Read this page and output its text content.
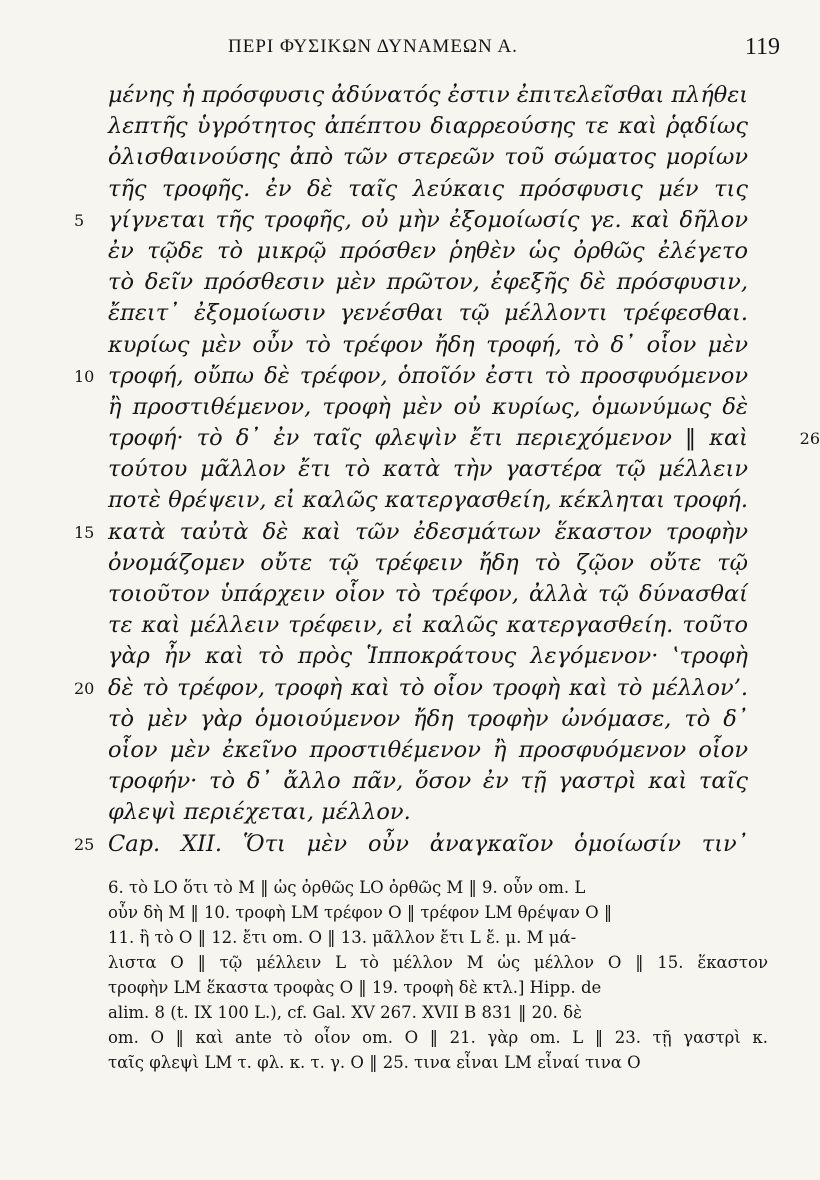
ΠΕΡΙ ΦΥΣΙΚΩΝ ΔΥΝΑΜΕΩΝ Α.	119
μένης ἡ πρόσφυσις ἀδύνατός ἐστιν ἐπιτελεῖσθαι πλήθει
λεπτῆς ὑγρότητος ἀπέπτου διαρρεούσης τε καὶ ῥᾳδίως
ὀλισθαινούσης ἀπὸ τῶν στερεῶν τοῦ σώματος μορίων
τῆς τροφῆς. ἐν δὲ ταῖς λεύκαις πρόσφυσις μέν τις
5 γίγνεται τῆς τροφῆς, οὐ μὴν ἐξομοίωσίς γε. καὶ δῆλον
ἐν τῷδε τὸ μικρῷ πρόσθεν ῥηθὲν ὡς ὀρθῶς ἐλέγετο
τὸ δεῖν πρόσθεσιν μὲν πρῶτον, ἐφεξῆς δὲ πρόσφυσιν,
ἔπειτ᾽ ἐξομοίωσιν γενέσθαι τῷ μέλλοντι τρέφεσθαι.
κυρίως μὲν οὖν τὸ τρέφον ἤδη τροφή, τὸ δ᾽ οἷον μὲν
10 τροφή, οὔπω δὲ τρέφον, ὁποῖόν ἐστι τὸ προσφυόμενον
ἢ προστιθέμενον, τροφὴ μὲν οὐ κυρίως, ὁμωνύμως δὲ
τροφή· τὸ δ᾽ ἐν ταῖς φλεψὶν ἔτι περιεχόμενον ‖ καὶ	26
τούτου μᾶλλον ἔτι τὸ κατὰ τὴν γαστέρα τῷ μέλλειν
ποτὲ θρέψειν, εἰ καλῶς κατεργασθείη, κέκληται τροφή.
15 κατὰ ταὐτὰ δὲ καὶ τῶν ἐδεσμάτων ἕκαστον τροφὴν
ὀνομάζομεν οὔτε τῷ τρέφειν ἤδη τὸ ζῷον οὔτε τῷ
τοιοῦτον ὑπάρχειν οἷον τὸ τρέφον, ἀλλὰ τῷ δύνασθαί
τε καὶ μέλλειν τρέφειν, εἰ καλῶς κατεργασθείη. τοῦτο
γὰρ ἦν καὶ τὸ πρὸς Ἱπποκράτους λεγόμενον· ‛τροφὴ
20 δὲ τὸ τρέφον, τροφὴ καὶ τὸ οἷον τροφὴ καὶ τὸ μέλλον’.
τὸ μὲν γὰρ ὁμοιούμενον ἤδη τροφὴν ὠνόμασε, τὸ δ᾽
οἷον μὲν ἐκεῖνο προστιθέμενον ἢ προσφυόμενον οἷον
τροφήν· τὸ δ᾽ ἄλλο πᾶν, ὅσον ἐν τῇ γαστρὶ καὶ ταῖς
φλεψὶ περιέχεται, μέλλον.
25 Cap. XII. Ὅτι μὲν οὖν ἀναγκαῖον ὁμοίωσίν τιν᾽
6. τὸ LO ὅτι τὸ M ‖ ὡς ὀρθῶς LO ὀρθῶς M ‖ 9. οὖν om. Lοὖν δὴ M ‖ 10. τροφὴ LM τρέφον O ‖ τρέφον LM θρέψαν O ‖11. ἢ τὸ O ‖ 12. ἔτι om. O ‖ 13. μᾶλλον ἔτι L ἔ. μ. M μά-λιστα O ‖ τῷ μέλλειν L τὸ μέλλον M ὡς μέλλον O ‖ 15. ἕκαστοντροφὴν LM ἕκαστα τροφὰς O ‖ 19. τροφὴ δὲ κτλ.] Hipp. dealim. 8 (t. IX 100 L.), cf. Gal. XV 267. XVII B 831 ‖ 20. δὲom. O ‖ καὶ ante τὸ οἷον om. O ‖ 21. γὰρ om. L ‖ 23. τῇ γαστρὶ κ.ταῖς φλεψὶ LM τ. φλ. κ. τ. γ. O ‖ 25. τινα εἶναι LM εἶναί τινα O
